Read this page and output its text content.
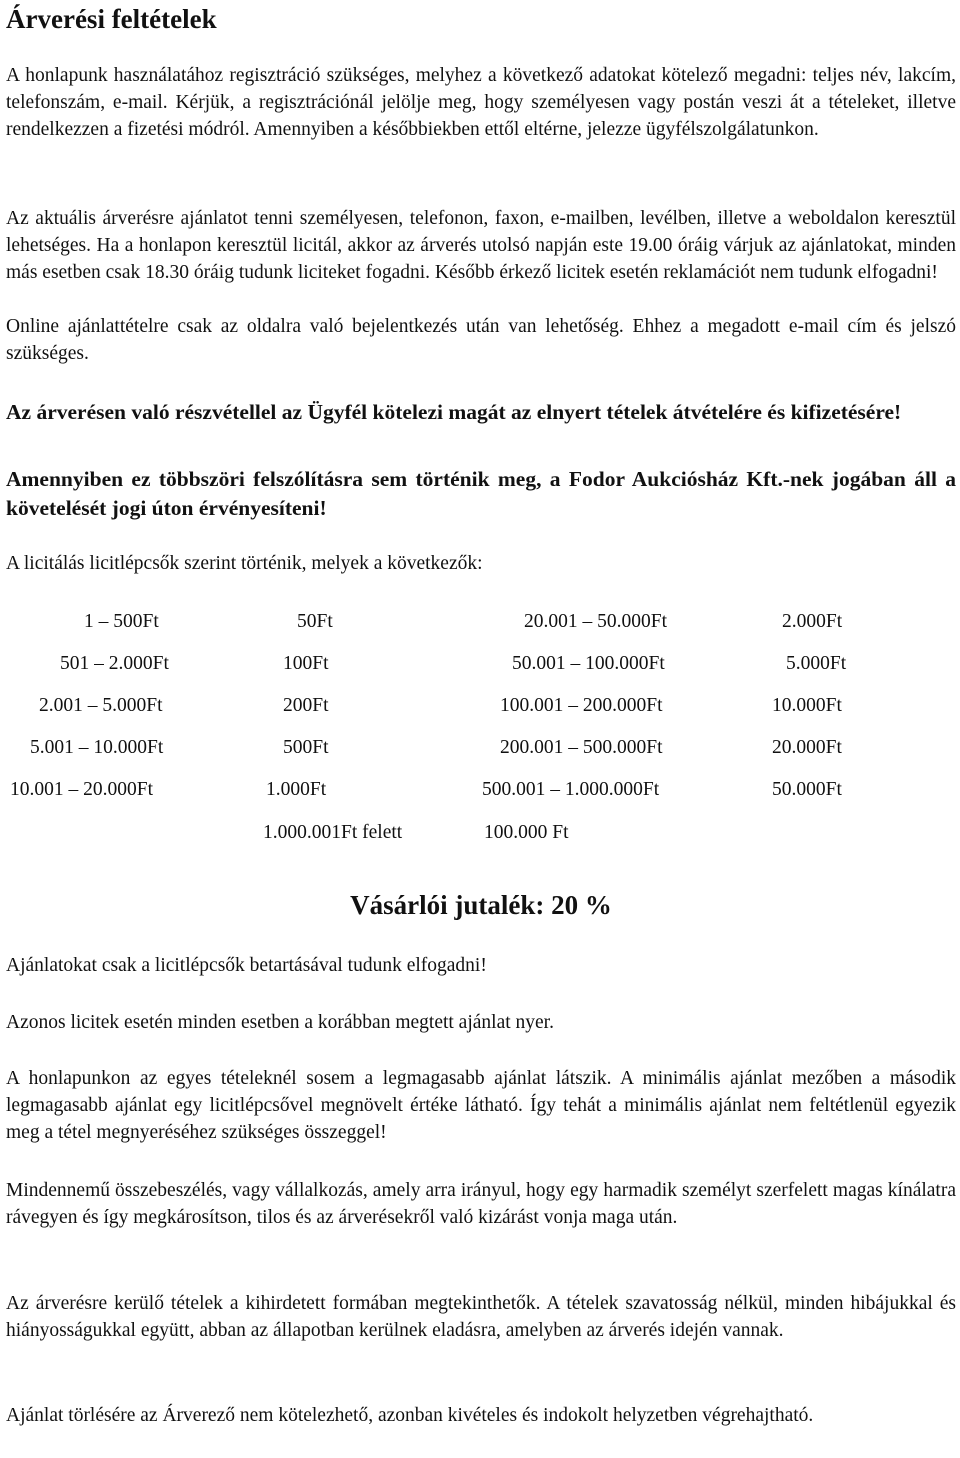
Árverési feltételek

A honlapunk használatához regisztráció szükséges, melyhez a következő adatokat kötelező megadni: teljes név, lakcím, telefonszám, e-mail. Kérjük, a regisztrációnál jelölje meg, hogy személyesen vagy postán veszi át a tételeket, illetve rendelkezzen a fizetési módról. Amennyiben a későbbiekben ettől eltérne, jelezze ügyfélszolgálatunkon.

Az aktuális árverésre ajánlatot tenni személyesen, telefonon, faxon, e-mailben, levélben, illetve a weboldalon keresztül lehetséges. Ha a honlapon keresztül licitál, akkor az árverés utolsó napján este 19.00 óráig várjuk az ajánlatokat, minden más esetben csak 18.30 óráig tudunk liciteket fogadni. Később érkező licitek esetén reklamációt nem tudunk elfogadni!

Online ajánlattételre csak az oldalra való bejelentkezés után van lehetőség. Ehhez a megadott e-mail cím és jelszó szükséges.

Az árverésen való részvétellel az Ügyfél kötelezi magát az elnyert tételek átvételére és kifizetésére!

Amennyiben ez többszöri felszólításra sem történik meg, a Fodor Aukciósház Kft.-nek jogában áll a követelését jogi úton érvényesíteni!

A licitálás licitlépcsők szerint történik, melyek a következők:

1 – 500Ft	50Ft	20.001 – 50.000Ft	2.000Ft
501 – 2.000Ft	100Ft	50.001 – 100.000Ft	5.000Ft
2.001 – 5.000Ft	200Ft	100.001 – 200.000Ft	10.000Ft
5.001 – 10.000Ft	500Ft	200.001 – 500.000Ft	20.000Ft
10.001 – 20.000Ft	1.000Ft	500.001 – 1.000.000Ft	50.000Ft
1.000.001Ft felett	100.000 Ft
Vásárlói jutalék: 20 %

Ajánlatokat csak a licitlépcsők betartásával tudunk elfogadni!

Azonos licitek esetén minden esetben a korábban megtett ajánlat nyer.

A honlapunkon az egyes tételeknél sosem a legmagasabb ajánlat látszik. A minimális ajánlat mezőben a második legmagasabb ajánlat egy licitlépcsővel megnövelt értéke látható. Így tehát a minimális ajánlat nem feltétlenül egyezik meg a tétel megnyeréséhez szükséges összeggel!

Mindennemű összebeszélés, vagy vállalkozás, amely arra irányul, hogy egy harmadik személyt szerfelett magas kínálatra rávegyen és így megkárosítson, tilos és az árverésekről való kizárást vonja maga után.

Az árverésre kerülő tételek a kihirdetett formában megtekinthetők. A tételek szavatosság nélkül, minden hibájukkal és hiányosságukkal együtt, abban az állapotban kerülnek eladásra, amelyben az árverés idején vannak.

Ajánlat törlésére az Árverező nem kötelezhető, azonban kivételes és indokolt helyzetben végrehajtható.
